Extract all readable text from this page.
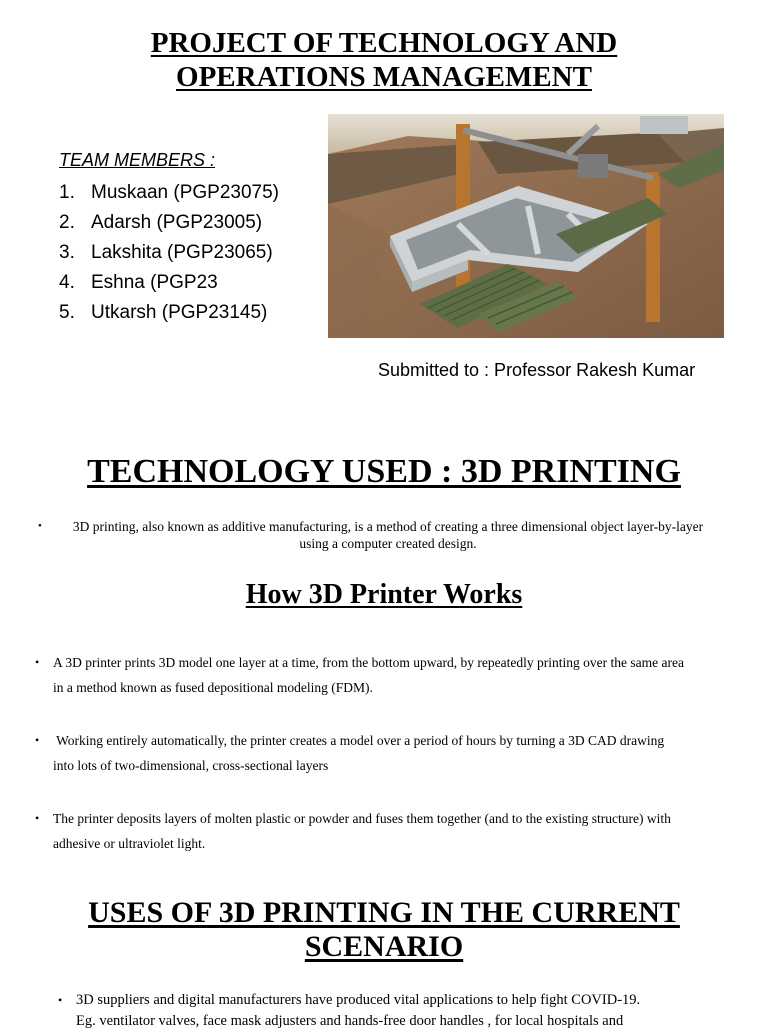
PROJECT OF TECHNOLOGY AND
OPERATIONS MANAGEMENT
TEAM MEMBERS :
1. Muskaan (PGP23075)
2. Adarsh (PGP23005)
3. Lakshita (PGP23065)
4. Eshna (PGP23
5. Utkarsh (PGP23145)
Submitted to : Professor Rakesh Kumar
TECHNOLOGY USED : 3D PRINTING
•	3D printing, also known as additive manufacturing, is a method of creating a three dimensional object layer-by-layer
using a computer created design.
How 3D Printer Works
• A 3D printer prints 3D model one layer at a time, from the bottom upward, by repeatedly printing over the same area
in a method known as fused depositional modeling (FDM).
• Working entirely automatically, the printer creates a model over a period of hours by turning a 3D CAD drawing
into lots of two-dimensional, cross-sectional layers
• The printer deposits layers of molten plastic or powder and fuses them together (and to the existing structure) with
adhesive or ultraviolet light.
USES OF 3D PRINTING IN THE CURRENT
SCENARIO
• 3D suppliers and digital manufacturers have produced vital applications to help fight COVID-19.
Eg. ventilator valves, face mask adjusters and hands-free door handles , for local hospitals and
